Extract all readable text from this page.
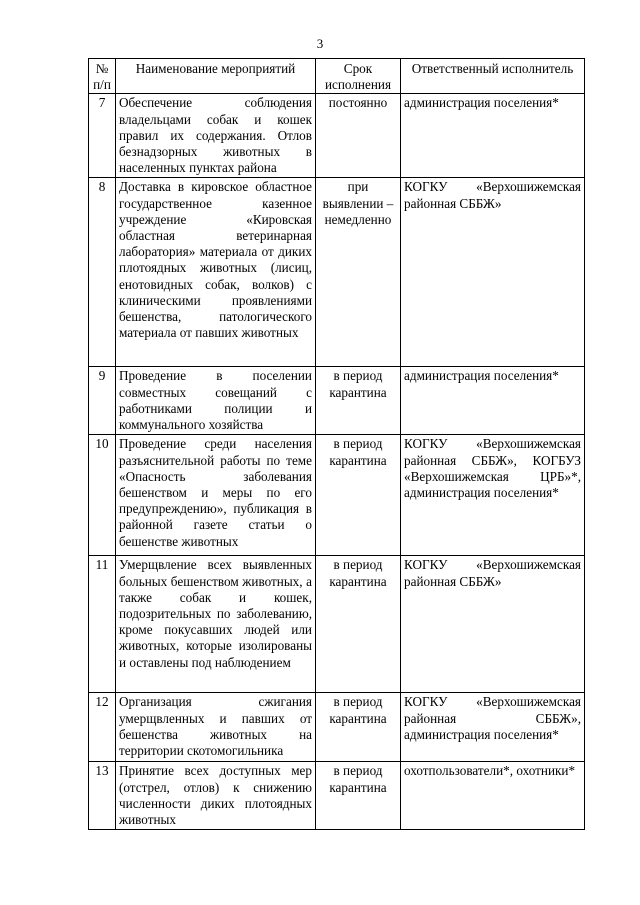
3
№ п/п	Наименование мероприятий	Срок исполнения	Ответственный исполнитель
7	Обеспечение соблюдения владельцами собак и кошек правил их содержания. Отлов безнадзорных животных в населенных пунктах района	постоянно	администрация поселения*
8	Доставка в кировское областное государственное казенное учреждение «Кировская областная ветеринарная лаборатория» материала от диких плотоядных животных (лисиц, енотовидных собак, волков) с клиническими проявлениями бешенства, патологического материала от павших животных	при выявлении – немедленно	КОГКУ «Верхошижемская районная СББЖ»
9	Проведение в поселении совместных совещаний с работниками полиции и коммунального хозяйства	в период карантина	администрация поселения*
10	Проведение среди населения разъяснительной работы по теме «Опасность заболевания бешенством и меры по его предупреждению», публикация в районной газете статьи о бешенстве животных	в период карантина	КОГКУ «Верхошижемская районная СББЖ», КОГБУЗ «Верхошижемская ЦРБ»*, администрация поселения*
11	Умерщвление всех выявленных больных бешенством животных, а также собак и кошек, подозрительных по заболеванию, кроме покусавших людей или животных, которые изолированы и оставлены под наблюдением	в период карантина	КОГКУ «Верхошижемская районная СББЖ»
12	Организация сжигания умерщвленных и павших от бешенства животных на территории скотомогильника	в период карантина	КОГКУ «Верхошижемская районная СББЖ», администрация поселения*
13	Принятие всех доступных мер (отстрел, отлов) к снижению численности диких плотоядных животных	в период карантина	охотпользователи*, охотники*
